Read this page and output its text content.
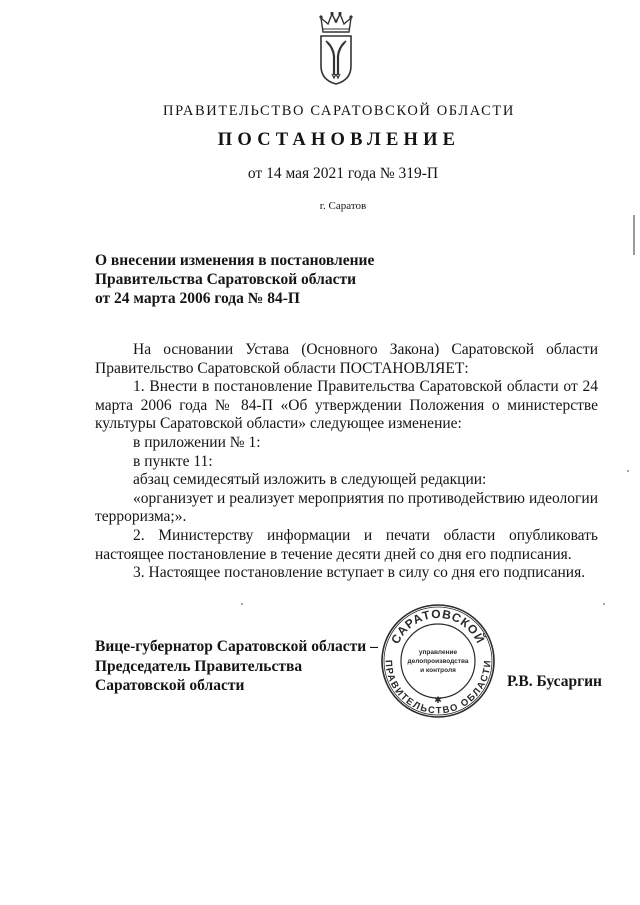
ПРАВИТЕЛЬСТВО САРАТОВСКОЙ ОБЛАСТИ
ПОСТАНОВЛЕНИЕ
от 14 мая 2021 года № 319-П
г. Саратов
О внесении изменения в постановление
Правительства Саратовской области
от 24 марта 2006 года № 84-П

На основании Устава (Основного Закона) Саратовской области Правительство Саратовской области ПОСТАНОВЛЯЕТ:

1. Внести в постановление Правительства Саратовской области от 24 марта 2006 года № 84-П «Об утверждении Положения о министерстве культуры Саратовской области» следующее изменение:

в приложении № 1:

в пункте 11:

абзац семидесятый изложить в следующей редакции:

«организует и реализует мероприятия по противодействию идеологии терроризма;».

2. Министерству информации и печати области опубликовать настоящее постановление в течение десяти дней со дня его подписания.

3. Настоящее постановление вступает в силу со дня его подписания.

Вице-губернатор Саратовской области –
Председатель Правительства
Саратовской области
САРАТОВСКОЙ
ПРАВИТЕЛЬСТВО ОБЛАСТИ
управление
делопроизводства
и контроля
✱
Р.В. Бусаргин
